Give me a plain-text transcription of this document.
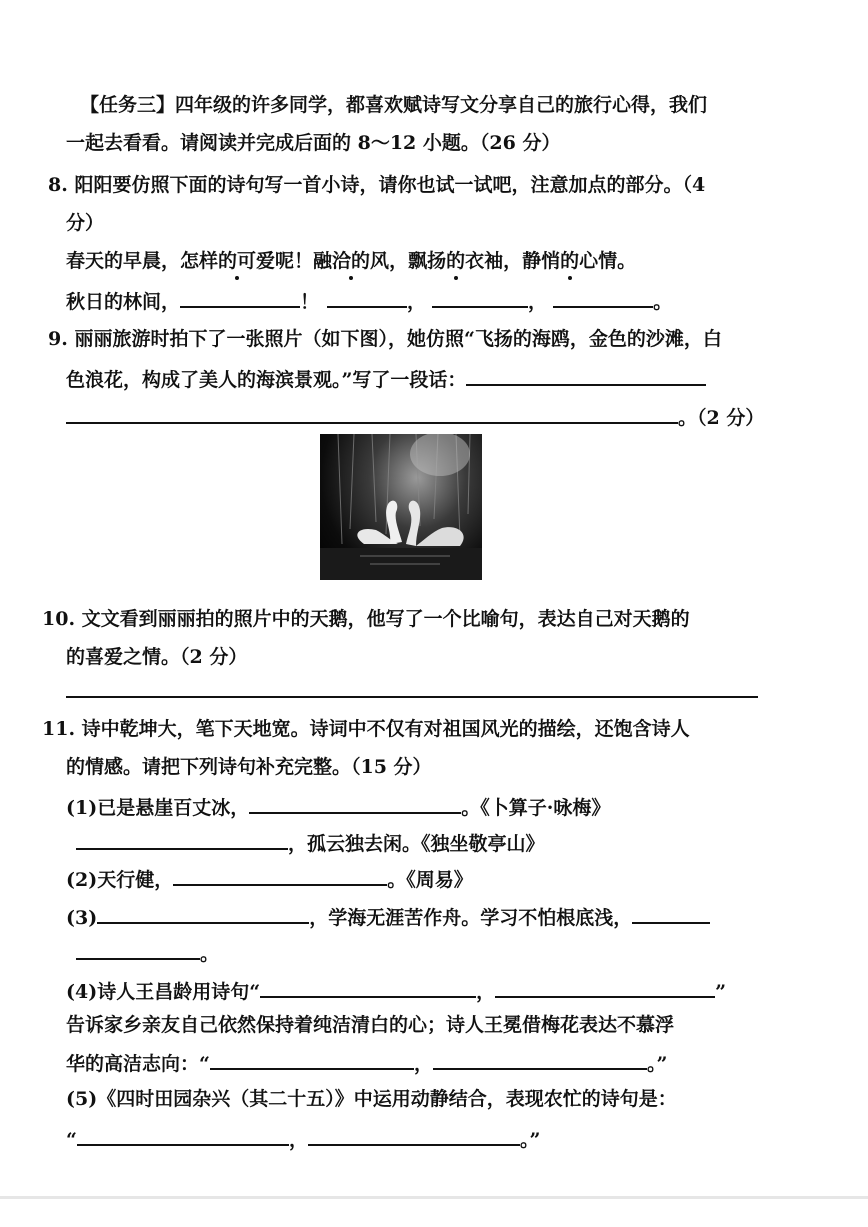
【任务三】四年级的许多同学，都喜欢赋诗写文分享自己的旅行心得，我们
一起去看看。请阅读并完成后面的 8～12 小题。（26 分）
8. 阳阳要仿照下面的诗句写一首小诗，请你也试一试吧，注意加点的部分。（4
分）
春天的早晨，怎样的可爱呢！融洽的风，飘扬的衣袖，静悄的心情。
秋日的林间，	！	，	，	。
9. 丽丽旅游时拍下了一张照片（如下图），她仿照“飞扬的海鸥，金色的沙滩，白
色浪花，构成了美人的海滨景观。”写了一段话：
。（2 分）
10. 文文看到丽丽拍的照片中的天鹅，他写了一个比喻句，表达自己对天鹅的
的喜爱之情。（2 分）
11. 诗中乾坤大，笔下天地宽。诗词中不仅有对祖国风光的描绘，还饱含诗人
的情感。请把下列诗句补充完整。（15 分）
(1)已是悬崖百丈冰，	。《卜算子·咏梅》
，孤云独去闲。《独坐敬亭山》
(2)天行健，	。《周易》
(3)	，学海无涯苦作舟。学习不怕根底浅，
。
(4)诗人王昌龄用诗句“	，	”
告诉家乡亲友自己依然保持着纯洁清白的心；诗人王冕借梅花表达不慕浮
华的高洁志向：“	，	。”
(5)《四时田园杂兴（其二十五）》中运用动静结合，表现农忙的诗句是：
“	，	。”
